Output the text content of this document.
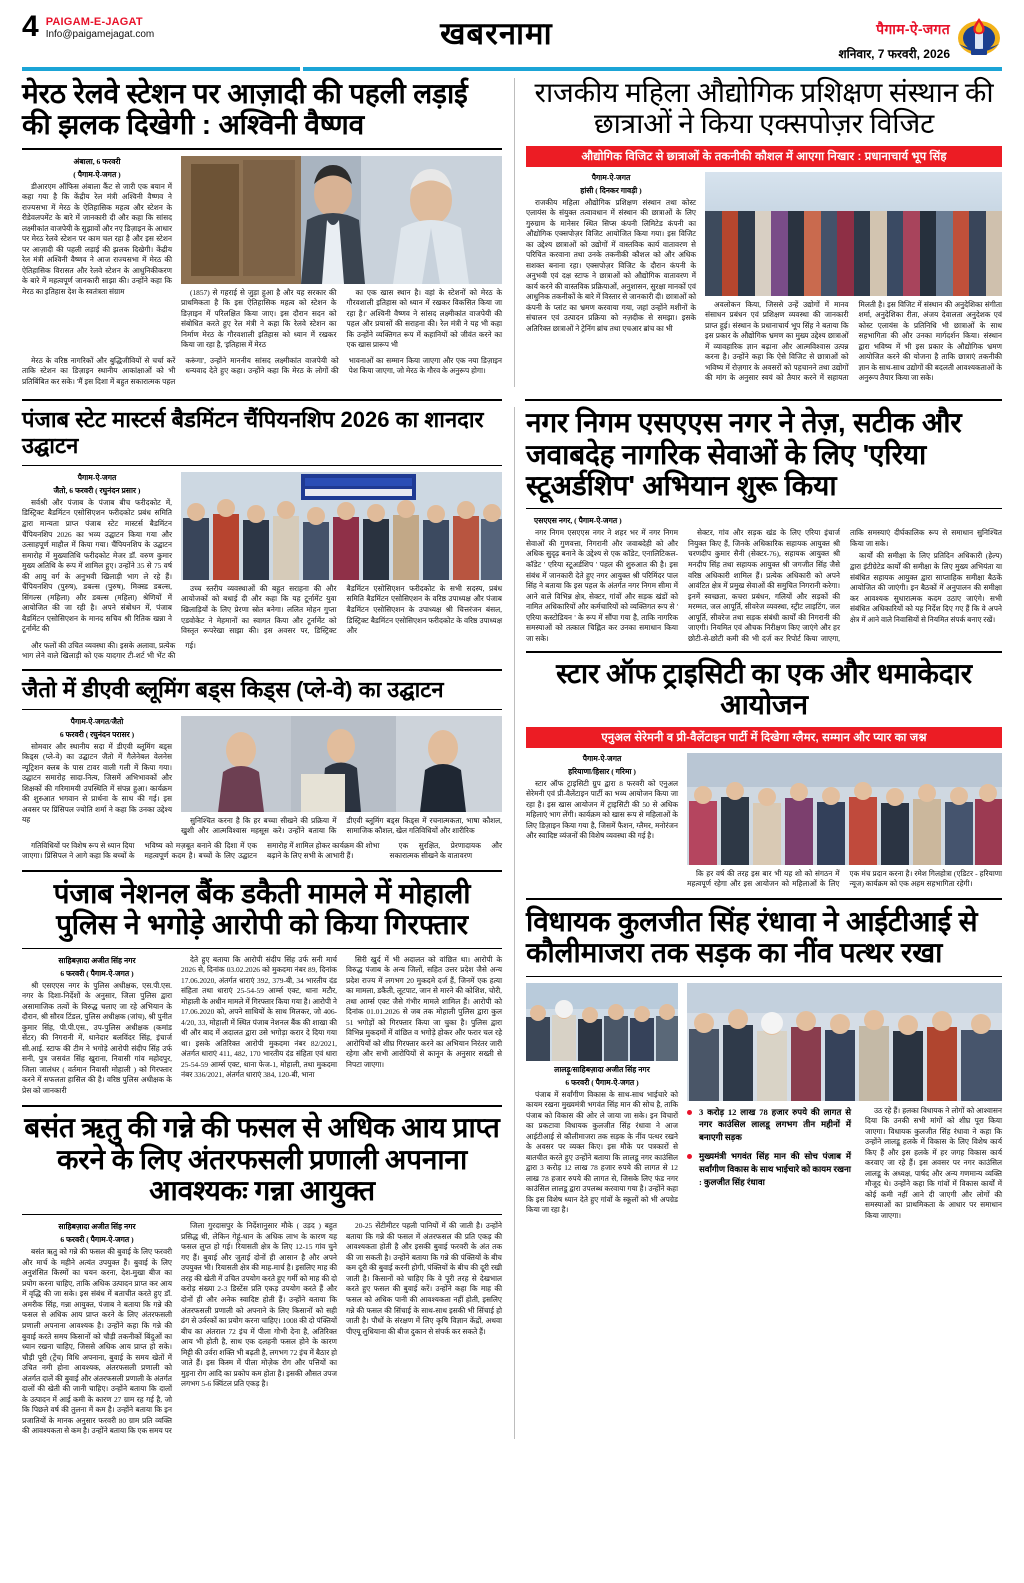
4 PAIGAM-E-JAGAT
Info@paigamejagat.com	खबरनामा	पैगाम-ऐ-जगत
शनिवार, 7 फरवरी, 2026
मेरठ रेलवे स्टेशन पर आज़ादी की पहली लड़ाई की झलक दिखेगी : अश्विनी वैष्णव
अंबाला, 6 फरवरी
( पैगाम-ऐ-जगत )

डीआरएम ऑफिस अंबाला कैंट से जारी एक बयान में कहा गया है कि केंद्रीय रेल मंत्री अश्विनी वैष्णव ने राज्यसभा में मेरठ के ऐतिहासिक महत्व और स्टेशन के रीडेवलपमेंट के बारे में जानकारी दी और कहा कि सांसद लक्ष्मीकांत वाजपेयी के सुझावों और नए डिज़ाइन के आधार पर मेरठ रेलवे स्टेशन पर काम चल रहा है और इस स्टेशन पर आज़ादी की पहली लड़ाई की झलक दिखेगी। केंद्रीय रेल मंत्री अश्विनी वैष्णव ने आज राज्यसभा में मेरठ की ऐतिहासिक विरासत और रेलवे स्टेशन के आधुनिकीकरण के बारे में महत्वपूर्ण जानकारी साझा की। उन्होंने कहा कि मेरठ का इतिहास देश के स्वतंत्रता संग्राम	(1857) से गहराई से जुड़ा हुआ है और यह सरकार की प्राथमिकता है कि इस ऐतिहासिक महत्व को स्टेशन के डिज़ाइन में परिलक्षित किया जाए। इस दौरान सदन को संबोधित करते हुए रेल मंत्री ने कहा कि रेलवे स्टेशन का निर्माण मेरठ के गौरवशाली इतिहास को ध्यान में रखकर किया जा रहा है, 'इतिहास में मेरठ

का एक खास स्थान है। वहां के स्टेशनों को मेरठ के गौरवशाली इतिहास को ध्यान में रखकर विकसित किया जा रहा है।' अश्विनी वैष्णव ने सांसद लक्ष्मीकांत वाजपेयी की पहल और प्रयासों की सराहना की। रेल मंत्री ने यह भी कहा कि उन्होंने व्यक्तिगत रूप में कहानियों को जीवंत करने का एक खास प्रारूप भी

मेरठ के वरिष्ठ नागरिकों और बुद्धिजीवियों से चर्चा करें ताकि स्टेशन का डिज़ाइन स्थानीय आकांक्षाओं को भी प्रतिबिंबित कर सके। 'मैं इस दिशा में बहुत सकारात्मक पहल करूंगा', उन्होंने माननीय सांसद लक्ष्मीकांत वाजपेयी को धन्यवाद देते हुए कहा। उन्होंने कहा कि मेरठ के लोगों की भावनाओं का सम्मान किया जाएगा और एक नया डिज़ाइन पेश किया जाएगा, जो मेरठ के गौरव के अनुरूप होगा।

राजकीय महिला औद्योगिक प्रशिक्षण संस्थान की छात्राओं ने किया एक्सपोज़र विजिट
औद्योगिक विजिट से छात्राओं के तकनीकी कौशल में आएगा निखार : प्रधानाचार्य भूप सिंह
पैगाम-ऐ-जगत
हांसी ( दिनकर गावड़ी )

राजकीय महिला औद्योगिक प्रशिक्षण संस्थान तथा कोस्ट एलायंस के संयुक्त तत्वावधान में संस्थान की छात्राओं के लिए गुरुग्राम के मानेसर स्थित सिप्स कंपनी लिमिटेड कंपनी का औद्योगिक एक्सपोज़र विजिट आयोजित किया गया। इस विजिट का उद्देश्य छात्राओं को उद्योगों में वास्तविक कार्य वातावरण से परिचित करवाना तथा उनके तकनीकी कौशल को और अधिक सशक्त बनाना रहा। एक्सपोज़र विजिट के दौरान कंपनी के अनुभवी एवं दक्ष स्टाफ ने छात्राओं को औद्योगिक वातावरण में कार्य करने की वास्तविक प्रक्रियाओं, अनुशासन, सुरक्षा मानकों एवं आधुनिक तकनीकों के बारे में विस्तार से जानकारी दी। छात्राओं को कंपनी के प्लांट का भ्रमण करवाया गया, जहां उन्होंने मशीनों के संचालन एवं उत्पादन प्रक्रिया को नज़दीक से समझा। इसके अतिरिक्त छात्राओं ने ट्रेनिंग ब्रांच तथा एचआर ब्रांच का भी

अवलोकन किया, जिससे उन्हें उद्योगों में मानव संसाधन प्रबंधन एवं प्रशिक्षण व्यवस्था की जानकारी प्राप्त हुई। संस्थान के प्रधानाचार्य भूप सिंह ने बताया कि इस प्रकार के औद्योगिक भ्रमण का मुख्य उद्देश्य छात्राओं में व्यावहारिक ज्ञान बढ़ाना और आत्मविश्वास उत्पन्न करना है। उन्होंने कहा कि ऐसे विजिट से छात्राओं को भविष्य में रोज़गार के अवसरों को पहचानने तथा उद्योगों की मांग के अनुसार स्वयं को तैयार करने में सहायता मिलती है। इस विजिट में संस्थान की अनुदेशिका संगीता शर्मा, अनुदेशिका रीता, अंजय देवालता अनुदेशक एवं कोस्ट एलायंस के प्रतिनिधि भी छात्राओं के साथ सहभागिता की और उनका मार्गदर्शन किया। संस्थान द्वारा भविष्य में भी इस प्रकार के औद्योगिक भ्रमण आयोजित करने की योजना है ताकि छात्राएं तकनीकी ज्ञान के साथ-साथ उद्योगों की बदलती आवश्यकताओं के अनुरूप तैयार किया जा सके।

पंजाब स्टेट मास्टर्स बैडमिंटन चैंपियनशिप 2026 का शानदार उद्घाटन
पैगाम-ऐ-जगत
जैतो, 6 फरवरी ( रघुनंदन प्रसार )

सर्वश्री और पंजाब के पंजाब बीच फरीदकोट में, डिस्ट्रिक्ट बैडमिंटन एसोसिएशन फरीदकोट प्रबंध समिति द्वारा मान्यता प्राप्त पंजाब स्टेट मास्टर्स बैडमिंटन चैंपियनशिप 2026 का भव्य उद्घाटन किया गया और उत्साहपूर्ण माहौल में किया गया। चैंपियनशिप के उद्घाटन समारोह में मुख्यातिथि फरीदकोट मेजर डॉ. वरुण कुमार मुख्य अतिथि के रूप में शामिल हुए। उन्होंने 35 से 75 वर्ष की आयु वर्ग के अनुभवी खिलाड़ी भाग ले रहे हैं। चैंपियनशिप (पुरुष), डबल्स (पुरुष), मिक्स्ड डबल्स, सिंगल्स (महिला) और डबल्स (महिला) श्रेणियों में आयोजित की जा रही है। अपने संबोधन में, पंजाब बैडमिंटन एसोसिएशन के मानद सचिव श्री रितिक खन्ना ने टूर्नामेंट की

उच्च स्तरीय व्यवस्थाओं की बहुत सराहना की और आयोजकों को बधाई दी और कहा कि यह टूर्नामेंट युवा खिलाड़ियों के लिए प्रेरणा स्रोत बनेगा। ललित मोहन गुप्ता एडवोकेट ने मेहमानों का स्वागत किया और टूर्नामेंट को विस्तृत रूपरेखा साझा की। इस अवसर पर, डिस्ट्रिक्ट बैडमिंटन एसोसिएशन फरीदकोट के सभी सदस्य, प्रबंध समिति बैडमिंटन एसोसिएशन के वरिष्ठ उपाध्यक्ष और पंजाब बैडमिंटन एसोसिएशन के उपाध्यक्ष श्री चित्तरंजन बंसल, डिस्ट्रिक्ट बैडमिंटन एसोसिएशन फरीदकोट के वरिष्ठ उपाध्यक्ष और

और फलों की उचित व्यवस्था की। इसके अलावा, प्रत्येक भाग लेने वाले खिलाड़ी को एक यादगार टी-शर्ट भी भेंट की गई।

जैतो में डीएवी ब्लूमिंग बड्स किड्स (प्ले-वे) का उद्घाटन
पैगाम-ऐ-जगत/जैतो
6 फरवरी ( रघुनंदन परासर )

सोमवार और स्थानीय सदा में डीएवी ब्लूमिंग बड्स किड्स (प्ले-वे) का उद्घाटन जैतो में गैलेनेबल वेलनेस न्यूट्रिशन क्लब के पास टावर वाली गली में किया गया। उद्घाटन समारोह सादा-नित्य, जिसमें अभिभावकों और शिक्षकों की गरिमामयी उपस्थिति में संपन्न हुआ। कार्यक्रम की शुरुआत भगवान से प्रार्थना के साथ की गई। इस अवसर पर प्रिंसिपल ज्योति शर्मा ने कहा कि उनका उद्देश्य यह	सुनिश्चित करना है कि हर बच्चा सीखने की प्रक्रिया में खुशी और आत्मविश्वास महसूस करे। उन्होंने बताया कि डीएवी ब्लूमिंग बड्स किड्स में रचनात्मकता, भाषा कौशल, सामाजिक कौशल, खेल गतिविधियों और शारीरिक

गतिविधियों पर विशेष रूप से ध्यान दिया जाएगा। प्रिंसिपल ने आगे कहा कि बच्चों के भविष्य को मज़बूत बनाने की दिशा में एक महत्वपूर्ण कदम है। बच्चों के लिए उद्घाटन समारोह में शामिल होकर कार्यक्रम की शोभा बढ़ाने के लिए सभी के आभारी हैं।

एक सुरक्षित, प्रेरणादायक और सकारात्मक सीखने के वातावरण

पंजाब नेशनल बैंक डकैती मामले में मोहाली पुलिस ने भगोड़े आरोपी को किया गिरफ्तार
साहिबज़ादा अजीत सिंह नगर
6 फरवरी ( पैगाम-ऐ-जगत )

श्री एसएएस नगर के पुलिस अधीक्षक, एस.पी.एस. नगर के दिशा-निर्देशों के अनुसार, जिला पुलिस द्वारा असामाजिक तत्वों के विरुद्ध चलाए जा रहे अभियान के दौरान, श्री सौरव टिंडल, पुलिस अधीक्षक (जांच), श्री पुनीत कुमार सिंह, पी.पी.एस., उप-पुलिस अधीक्षक (कमांड सेंटर) की निगरानी में, थानेदार बलविंदर सिंह, इंचार्ज सी.आई. स्टाफ की टीम ने भगोड़े आरोपी संदीप सिंह उर्फ सनी, पुत्र जसवंत सिंह खुराना, निवासी गांव महोदपुर, जिला जालंधर ( वर्तमान निवासी मोहाली ) को गिरफ्तार करने में सफलता हासिल की है। वरिष्ठ पुलिस अधीक्षक के प्रेस को जानकारी

देते हुए बताया कि आरोपी संदीप सिंह उर्फ सनी मार्च 2026 से, दिनांक 03.02.2026 को मुकदमा नंबर 89, दिनांक 17.06.2020, अंतर्गत धाराएं 392, 379-बी, 34 भारतीय दंड संहिता तथा धाराएं 25-54-59 आर्म्स एक्ट, थाना मटौर, मोहाली के अधीन मामले में गिरफ्तार किया गया है। आरोपी ने 17.06.2020 को, अपने साथियों के साथ मिलकर, जो 406-4/20, 33, मोहाली में स्थित पंजाब नेशनल बैंक की शाखा की थी और बाद में अदालत द्वारा उसे भगोड़ा करार दे दिया गया था। इसके अतिरिक्त आरोपी मुकदमा नंबर 82/2021, अंतर्गत धाराएं 411, 482, 170 भारतीय दंड संहिता एवं धारा 25-54-59 आर्म्स एक्ट, थाना फेज-1, मोहाली, तथा मुकदमा नंबर 336/2021, अंतर्गत धाराएं 384, 120-बी, भाना

सिरी खुर्द में भी अदालत को वांछित था। आरोपी के विरुद्ध पंजाब के अन्य जिलों, सहित उत्तर प्रदेश जैसे अन्य प्रदेश राज्य में लगभग 20 मुकदमे दर्ज हैं, जिनमें एक हत्या का मामला, डकैती, लूटपाट, जान से मारने की कोशिश, चोरी, तथा आर्म्स एक्ट जैसे गंभीर मामले शामिल हैं। आरोपी को दिनांक 01.01.2026 से जब तक मोहाली पुलिस द्वारा कुल 51 भगोड़ों को गिरफ्तार किया जा चुका है। पुलिस द्वारा विभिन्न मुकदमों में वांछित व भगोड़े होकर और फरार चल रहे आरोपियों को शीघ्र गिरफ्तार करने का अभियान निरंतर जारी रहेगा और सभी आरोपियों से कानून के अनुसार सख्ती से निपटा जाएगा।

बसंत ऋतु की गन्ने की फसल से अधिक आय प्राप्त करने के लिए अंतरफसली प्रणाली अपनाना आवश्यकः गन्ना आयुक्त
साहिबज़ादा अजीत सिंह नगर
6 फरवरी ( पैगाम-ऐ-जगत )

बसंत ऋतु को गन्ने की फसल की बुवाई के लिए फरवरी और मार्च के महीने अत्यंत उपयुक्त हैं। बुवाई के लिए अनुशंसित किस्मों का चयन करना, देश-मुखा बीज का प्रयोग करना चाहिए, ताकि अधिक उत्पादन प्राप्त कर आय में वृद्धि की जा सके। इस संबंध में बताचीत करते हुए डॉ. अमरीक सिंह, गन्ना आयुक्त, पंजाब ने बताया कि गन्ने की फसल से अधिक आय प्राप्त करने के लिए अंतरफसली प्रणाली अपनाना आवश्यक है। उन्होंने कहा कि गन्ने की बुवाई करते समय किसानों को चौड़ी तकनीकों बिंदुओं का ध्यान रखना चाहिए, जिससे अधिक आय प्राप्त हो सके। चौड़ी पूरी (ट्रेंच) विधि अपनाना, बुवाई के समय खेतों में उचित नमी होना आवश्यक, अंतरफसली प्रणाली को अंतर्गत दालें की बुवाई और अंतरफसली प्रणाली के अंतर्गत दालों की खेती की जानी चाहिए। उन्होंने बताया कि दालों के उत्पादन में आई कमी के कारण 27 ग्राम रह गई है, जो कि पिछले वर्ष की तुलना में कम है। उन्होंने बताया कि इन प्रजातियों के मानक अनुसार फरवरी 80 ग्राम प्रति व्यक्ति की आवश्यकता से कम है। उन्होंने बताया कि एक समय पर

जिला गुरदासपुर के निर्देशानुसार मौके ( उड़द ) बहुत प्रसिद्ध थी, लेकिन गेहूं-धान के अधिक लाभ के कारण यह फसल लुप्त हो गई। रियासती क्षेत्र के लिए 12-15 गांव चुने गए हैं। बुवाई और जुताई दोनों ही आसान है और अपने उपयुक्त भी। रियासती क्षेत्र की माह-मार्च है। इसलिए माह की तरह की खेती में उचित उपयोग करते हुए गर्मी को माह की दो करोड़ संख्या 2-3 डिस्टेंस प्रति एकड़ उपयोग करते हैं और दोनों ही और अनेक स्वादिष्ट होती हैं। उन्होंने बताया कि अंतरफसली प्रणाली को अपनाने के लिए किसानों को सही ढंग से उर्वरकों का प्रयोग करना चाहिए। 1008 की दो पंक्तियों बीच का अंतराल 72 इंच में पीला गोभी देना है, अतिरिक्त आय भी होती है, साथ एक दलहनी फसल होने के कारण मिट्टी की उर्वरा शक्ति भी बढ़ती है, लगभग 72 इंच में बैठार हो जाते हैं। इस किस्म में पीला मोज़ेक रोग और पत्तियों का मुड़ना रोग आदि का प्रकोप कम होता है। इसकी औसत उपज लगभग 5-6 क्विंटल प्रति एकड़ है।

20-25 सेंटीमीटर पहली पानियों में की जाती है। उन्होंने बताया कि गन्ने की फसल में अंतरफसल की प्रति एकड़ की आवश्यकता होती है और इसकी बुवाई फरवरी के अंत तक की जा सकती है। उन्होंने बताया कि गन्ने की पंक्तियों के बीच कम दूरी की बुवाई करनी होगी, पंक्तियों के बीच की दूरी रखी जाती है। किसानों को चाहिए कि वे पूरी तरह से देखभाल करते हुए फसल की बुवाई करें। उन्होंने कहा कि माह की फसल को अधिक पानी की आवश्यकता नहीं होती, इसलिए गन्ने की फसल की सिंचाई के साथ-साथ इसकी भी सिंचाई हो जाती है। पौधों के संरक्षण में लिए कृषि विज्ञान केंद्रों, अथवा पीएयू लुधियाना की बीज दुकान से संपर्क कर सकते हैं।

नगर निगम एसएएस नगर ने तेज़, सटीक और जवाबदेह नागरिक सेवाओं के लिए 'एरिया स्टूअर्डशिप' अभियान शुरू किया
एसएएस नगर, ( पैगाम-ऐ-जगत )

नगर निगम एसएएस नगर ने शहर भर में नगर निगम सेवाओं की गुणवत्ता, निगरानी और जवाबदेही को और अधिक सुदृढ़ बनाने के उद्देश्य से एक कॉडेट, एनालिटिकल-कॉडेट ' एरिया स्टूअर्डशिप ' पहल की शुरुआत की है। इस संबंध में जानकारी देते हुए नगर आयुक्त श्री परिमिंदर पाल सिंह ने बताया कि इस पहल के अंतर्गत नगर निगम सीमा में आने वाले विभिन्न क्षेत्र, सेक्टर, गांवों और सड़क खंडों को नामित अधिकारियों और कर्मचारियों को व्यक्तिगत रूप से ' एरिया कस्टोडियन ' के रूप में सौंपा गया है, ताकि नागरिक समस्याओं को तत्काल चिह्नित कर उनका समाधान किया जा सके।

सेक्टर, गांव और सड़क खंड के लिए एरिया इंचार्ज नियुक्त किए हैं, जिनके अधिकारिक सहायक आयुक्त श्री चरणदीप कुमार सैनी (सेक्टर-76), सहायक आयुक्त श्री मनदीप सिंह तथा सहायक आयुक्त श्री जगजीत सिंह जैसे वरिष्ठ अधिकारी शामिल हैं। प्रत्येक अधिकारी को अपने आवंटित क्षेत्र में प्रमुख सेवाओं की समुचित निगरानी करेगा। इनमें स्वच्छता, कचरा प्रबंधन, गलियों और सड़कों की मरम्मत, जल आपूर्ति, सीवरेज व्यवस्था, स्ट्रीट लाइटिंग, जल आपूर्ति, सीवरेज तथा सड़क संबंधी कार्यों की निगरानी की जाएगी। नियमित एवं औचक निरीक्षण किए जाएंगे और हर छोटी-से-छोटी कमी की भी दर्ज कर रिपोर्ट किया जाएगा, ताकि समस्याएं दीर्घकालिक रूप से समाधान सुनिश्चित किया जा सके।

कार्यों की समीक्षा के लिए प्रतिदिन अधिकारी (हेल्प) द्वारा इंटीग्रेटेड कार्यों की समीक्षा के लिए मुख्य अभियंता या संबंधित सहायक आयुक्त द्वारा साप्ताहिक समीक्षा बैठकें आयोजित की जाएंगी। इन बैठकों में अनुपालन की समीक्षा कर आवश्यक सुधारात्मक कदम उठाए जाएंगे। सभी संबंधित अधिकारियों को यह निर्देश दिए गए हैं कि वे अपने क्षेत्र में आने वाले निवासियों से नियमित संपर्क बनाए रखें।

स्टार ऑफ ट्राइसिटी का एक और धमाकेदार आयोजन
एनुअल सेरेमनी व प्री-वैलेंटाइन पार्टी में दिखेगा ग्लैमर, सम्मान और प्यार का जश्न
पैगाम-ऐ-जगत
हरियाणा/हिसार ( गरिमा )

स्टार ऑफ ट्राइसिटी ग्रुप द्वारा 8 फरवरी को एनुअल सेरेमनी एवं प्री-वैलेंटाइन पार्टी का भव्य आयोजन किया जा रहा है। इस खास आयोजन में ट्राइसिटी की 50 से अधिक महिलाएं भाग लेंगी। कार्यक्रम को खास रूप से महिलाओं के लिए डिज़ाइन किया गया है, जिसमें फैशन, ग्लैमर, मनोरंजन और स्वादिष्ट व्यंजनों की विशेष व्यवस्था की गई है।

कि हर वर्ष की तरह इस बार भी यह शो को संगठन में महत्वपूर्ण रहेगा और इस आयोजन को महिलाओं के लिए एक मंच प्रदान करना है। रमेश गिलहोत्रा (एडिटर - हरियाणा न्यूज) कार्यक्रम को एक अहम सहभागिता रहेगी।

विधायक कुलजीत सिंह रंधावा ने आईटीआई से कौलीमाजरा तक सड़क का नींव पत्थर रखा
लालड़ू/साहिबज़ादा अजीत सिंह नगर
6 फरवरी ( पैगाम-ऐ-जगत )

पंजाब में सर्वांगीण विकास के साथ-साथ भाईचारे को कायम रखना मुख्यमंत्री भगवंत सिंह मान की सोच है, ताकि पंजाब को विकास की ओर ले जाया जा सके। इन विचारों का प्रकटावा विधायक कुलजीत सिंह रंधावा ने आज आईटीआई से कौलीमाजरा तक सड़क के नींव पत्थर रखने के अवसर पर व्यक्त किए। इस मौके पर पत्रकारों से बातचीत करते हुए उन्होंने बताया कि लालडू नगर काउंसिल द्वारा 3 करोड़ 12 लाख 78 हजार रुपये की लागत से 12 लाख 78 हजार रुपये की लागत से, जिसके लिए फंड नगर काउंसिल लालडू द्वारा उपलब्ध करवाया गया है। उन्होंने कहा कि इस विशेष ध्यान देते हुए गांवों के स्कूलों को भी अपग्रेड किया जा रहा है।

3 करोड़ 12 लाख 78 हजार रुपये की लागत से नगर काउंसिल लालडू लगभग तीन महीनों में बनाएगी सड़क
मुख्यमंत्री भगवंत सिंह मान की सोच पंजाब में सर्वांगीण विकास के साथ भाईचारे को कायम रखना : कुलजीत सिंह रंधावा

उठ रहे हैं। हलका विधायक ने लोगों को आश्वासन दिया कि उनकी सभी मांगों को शीघ्र पूरा किया जाएगा। विधायक कुलजीत सिंह रंधावा ने कहा कि उन्होंने लालडू हलके में विकास के लिए विशेष कार्य किए हैं और इस हलके में हर जगह विकास कार्य करवाए जा रहे हैं। इस अवसर पर नगर काउंसिल लालडू के अध्यक्ष, पार्षद और अन्य गणमान्य व्यक्ति मौजूद थे। उन्होंने कहा कि गांवों में विकास कार्यों में कोई कमी नहीं आने दी जाएगी और लोगों की समस्याओं का प्राथमिकता के आधार पर समाधान किया जाएगा।
